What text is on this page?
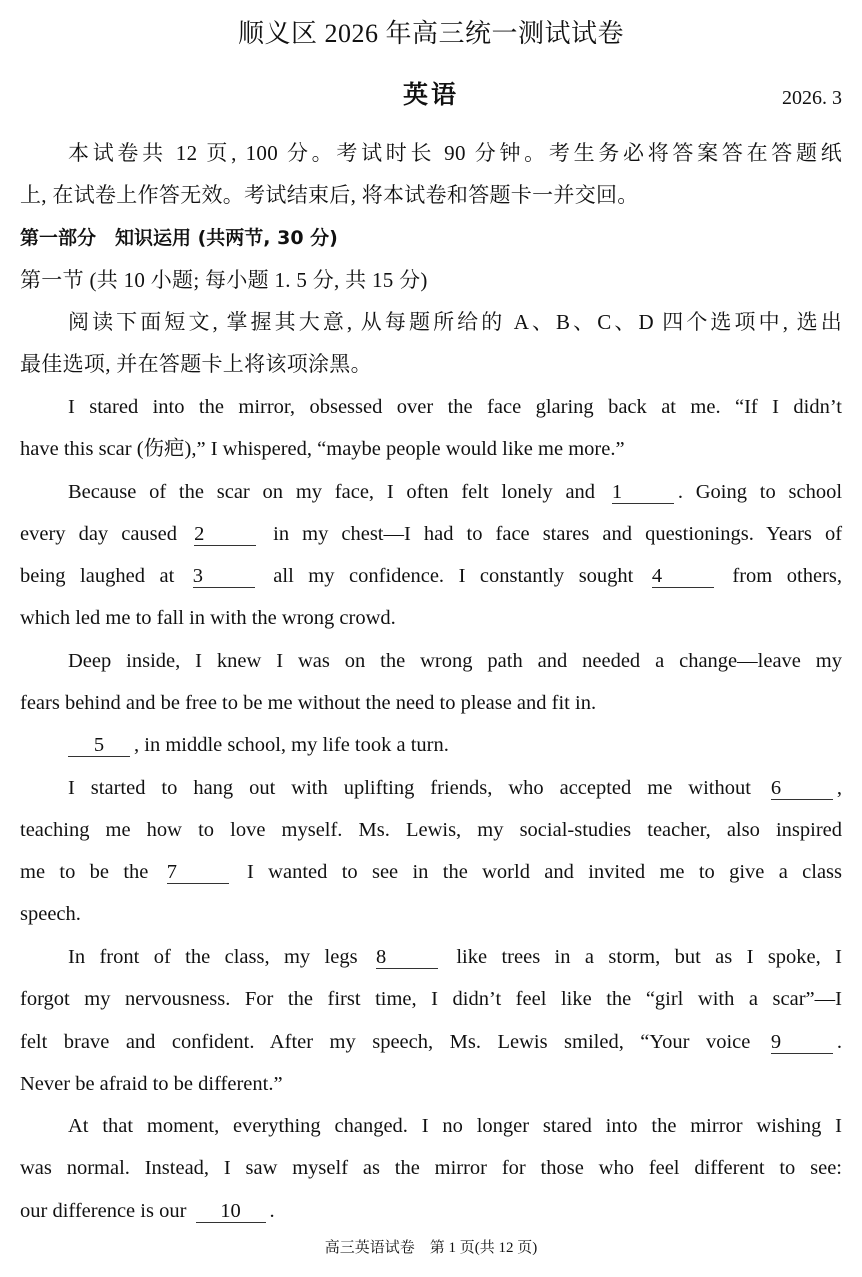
顺义区 2026 年高三统一测试试卷
英语	2026. 3
本试卷共 12 页, 100 分。考试时长 90 分钟。考生务必将答案答在答题纸
上, 在试卷上作答无效。考试结束后, 将本试卷和答题卡一并交回。
第一部分　知识运用 (共两节, 30 分)
第一节 (共 10 小题; 每小题 1. 5 分, 共 15 分)
阅读下面短文, 掌握其大意, 从每题所给的 A、B、C、D 四个选项中, 选出
最佳选项, 并在答题卡上将该项涂黑。
I stared into the mirror, obsessed over the face glaring back at me. “If I didn’t
have this scar (伤疤),” I whispered, “maybe people would like me more.”
Because of the scar on my face, I often felt lonely and 1	. Going to school
every day caused 2	in my chest—I had to face stares and questionings. Years of
being laughed at 3	all my confidence. I constantly sought 4	from others,
which led me to fall in with the wrong crowd.
Deep inside, I knew I was on the wrong path and needed a change—leave my
fears behind and be free to be me without the need to please and fit in.
5 , in middle school, my life took a turn.
I started to hang out with uplifting friends, who accepted me without 6	,
teaching me how to love myself. Ms. Lewis, my social-studies teacher, also inspired
me to be the 7	I wanted to see in the world and invited me to give a class
speech.
In front of the class, my legs 8	like trees in a storm, but as I spoke, I
forgot my nervousness. For the first time, I didn’t feel like the “girl with a scar”—I
felt brave and confident. After my speech, Ms. Lewis smiled, “Your voice 9	.
Never be afraid to be different.”
At that moment, everything changed. I no longer stared into the mirror wishing I
was normal. Instead, I saw myself as the mirror for those who feel different to see:
our difference is our 10 .
高三英语试卷　第 1 页(共 12 页)
